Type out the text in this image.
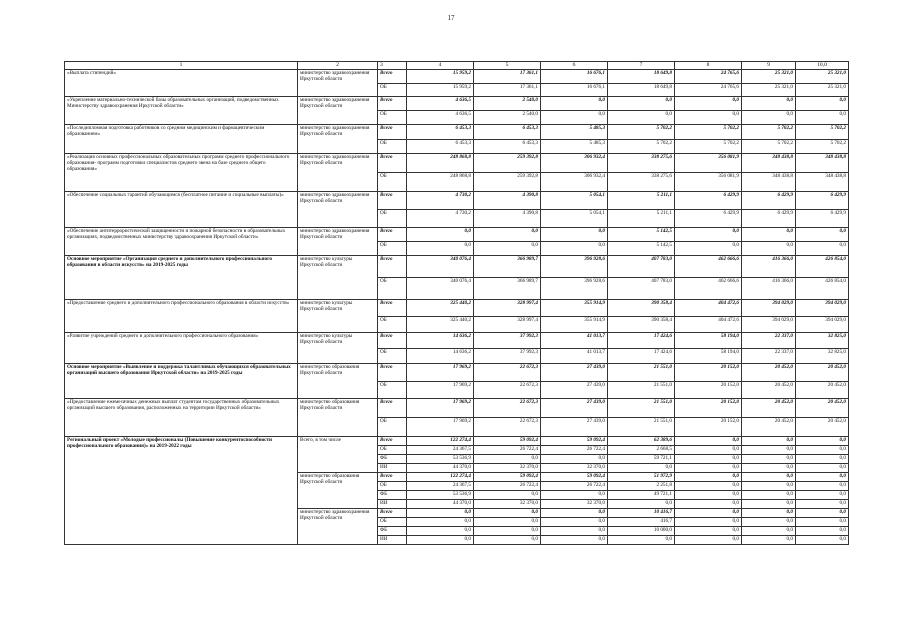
17
1	2	3	4	5	6	7	8	9	10,0
«Выплата стипендий»	министерство здравоохранения Иркутской области	Всего	15 959,2	17 361,1	16 676,1	18 649,8	24 765,6	25 321,0	25 321,0
		ОБ	15 959,2	17 361,1	16 676,1	18 649,8	24 765,6	25 321,0	25 321,0
«Укрепление материально-технической базы образовательных организаций, подведомственных Министерству здравоохранения Иркутской области»	министерство здравоохранения Иркутской области	Всего	4 636,5	2 540,0	0,0	0,0	0,0	0,0	0,0
		ОБ	4 636,5	2 540,0	0,0	0,0	0,0	0,0	0,0
«Последипломная подготовка работников со средним медицинским и фармацевтическим образованием»	министерство здравоохранения Иркутской области	Всего	6 453,3	6 453,3	5 485,3	5 702,2	5 702,2	5 702,2	5 702,2
		ОБ	6 453,3	6 453,3	5 485,3	5 702,2	5 702,2	5 702,2	5 702,2
«Реализация основных профессиональных образовательных программ среднего профессионального образования- программ подготовки специалистов среднего звена на базе среднего общего образования»	министерство здравоохранения Иркутской области	Всего	248 868,8	259 392,8	306 932,4	338 275,6	356 081,9	348 438,8	348 438,8
		ОБ	248 868,8	259 392,8	306 932,4	338 275,6	356 081,9	348 438,8	348 438,8
«Обеспечение социальных гарантий обучающимся (бесплатное питание и социальные выплаты)»	министерство здравоохранения Иркутской области	Всего	4 730,2	4 390,8	5 054,1	5 211,1	6 429,9	6 429,9	6 429,9
		ОБ	4 730,2	4 390,8	5 054,1	5 211,1	6 429,9	6 429,9	6 429,9
«Обеспечение антитеррористической защищенности и пожарной безопасности в образовательных организациях, подведомственных министерству здравоохранения Иркутской области»	министерство здравоохранения Иркутской области	Всего	0,0	0,0	0,0	5 142,5	0,0	0,0	0,0
		ОБ	0,0	0,0	0,0	5 142,5	0,0	0,0	0,0
Основное мероприятие «Организация среднего и дополнительного профессионального образования в области искусств» на 2019-2025 годы	министерство культуры Иркутской области	Всего	340 076,4	366 989,7	396 928,6	407 783,0	462 666,6	416 366,0	426 854,0
		ОБ	340 076,4	366 989,7	396 928,6	407 783,0	462 666,6	416 366,0	426 854,0
«Предоставление среднего и дополнительного профессионального образования в области искусств»	министерство культуры Иркутской области	Всего	325 440,2	328 997,4	355 914,9	390 358,4	404 472,6	394 029,0	394 029,0
		ОБ	325 440,2	328 997,4	355 914,9	390 358,4	404 472,6	394 029,0	394 029,0
«Развитие учреждений среднего и дополнительного профессионального образования»	министерство культуры Иркутской области	Всего	14 636,2	37 992,3	41 013,7	17 424,6	58 194,0	22 337,0	32 825,0
		ОБ	14 636,2	37 992,3	41 013,7	17 424,6	58 194,0	22 337,0	32 825,0
Основное мероприятие «Выявление и поддержка талантливых обучающихся образовательных организаций высшего образования Иркутской области» на 2019-2025 годы	министерство образования Иркутской области	Всего	17 969,2	22 672,3	27 439,0	21 551,0	20 152,0	20 452,0	20 452,0
		ОБ	17 969,2	22 672,3	27 439,0	21 551,0	20 152,0	20 452,0	20 452,0
«Предоставление ежемесячных денежных выплат студентам государственных образовательных организаций высшего образования, расположенных на территории Иркутской области»	министерство образования Иркутской области	Всего	17 969,2	22 672,3	27 439,0	21 551,0	20 152,0	20 452,0	20 452,0
		ОБ	17 969,2	22 672,3	27 439,0	21 551,0	20 152,0	20 452,0	20 452,0
Региональный проект «Молодые профессионалы (Повышение конкурентоспособности профессионального образования)» на 2019-2022 годы	Всего, в том числе	Всего	122 274,4	59 092,4	59 092,4	62 389,6	0,0	0,0	0,0
		ОБ	24 367,5	26 722,4	26 722,4	2 668,5	0,0	0,0	0,0
		ФБ	53 536,9	0,0	0,0	59 721,1	0,0	0,0	0,0
		ИИ	44 370,0	32 370,0	32 370,0	0,0	0,0	0,0	0,0
	министерство образования Иркутской области	Всего	122 274,4	59 092,4	59 092,4	51 972,9	0,0	0,0	0,0
		ОБ	24 367,5	26 722,4	26 722,4	2 251,8	0,0	0,0	0,0
		ФБ	53 536,9	0,0	0,0	49 721,1	0,0	0,0	0,0
		ИИ	44 370,0	32 370,0	32 370,0	0,0	0,0	0,0	0,0
	министерство здравоохранения Иркутской области	Всего	0,0	0,0	0,0	10 416,7	0,0	0,0	0,0
		ОБ	0,0	0,0	0,0	416,7	0,0	0,0	0,0
		ФБ	0,0	0,0	0,0	10 000,0	0,0	0,0	0,0
		ИИ	0,0	0,0	0,0	0,0	0,0	0,0	0,0
